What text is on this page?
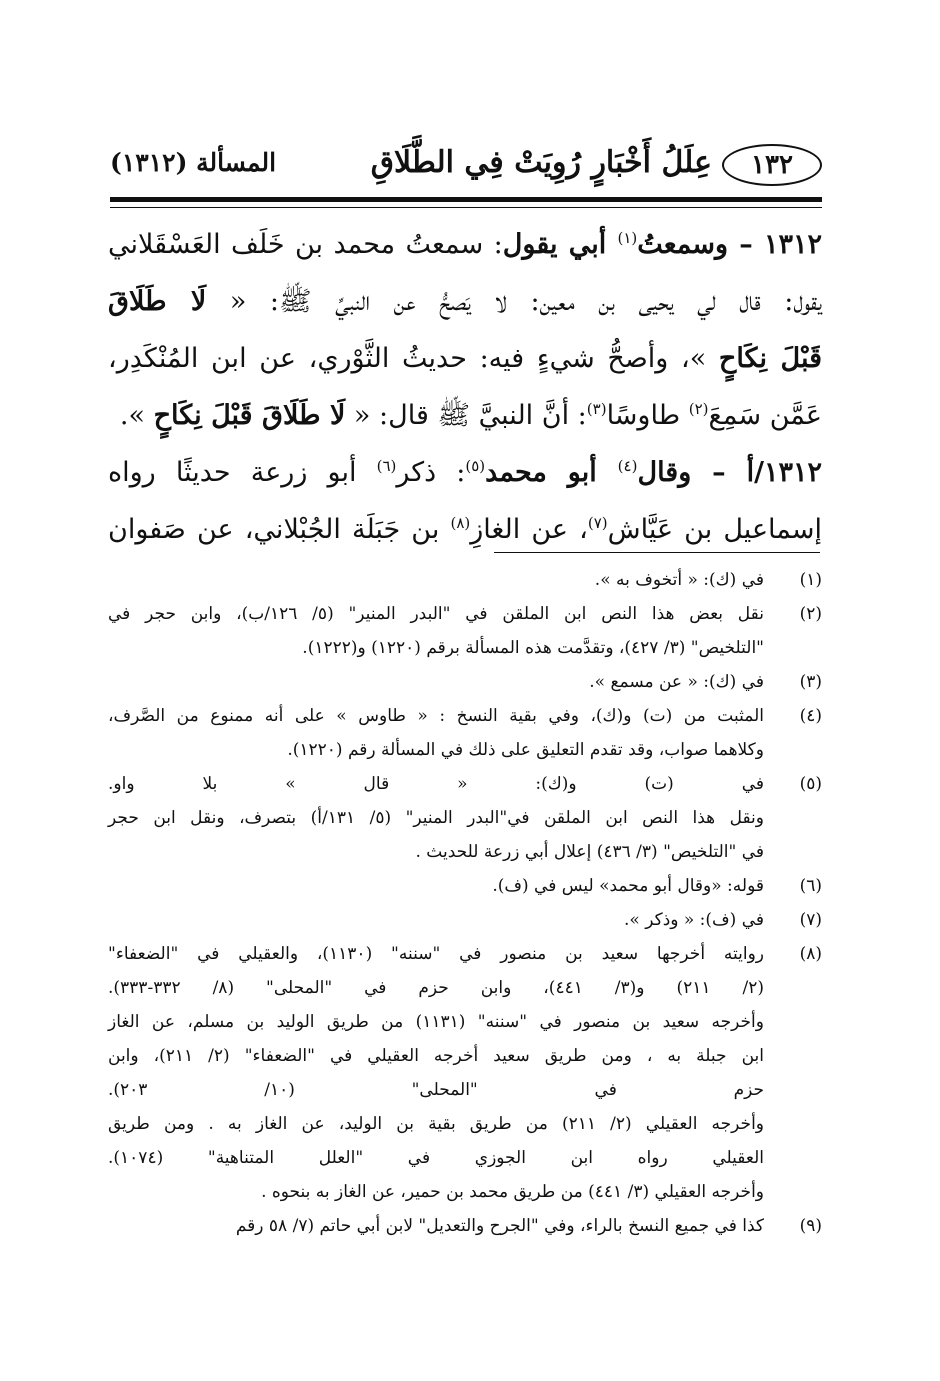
١٣٢
عِلَلُ أَخْبَارٍ رُوِيَتْ فِي الطَّلَاقِ
المسألة (١٣١٢)
١٣١٢ – وسمعتُ$^{(١)}$ أبي يقول: سمعتُ محمد بن خَلَف العَسْقَلاني
يقول: قال لي يحيى بن معين: لا يَصحُّ عن النبيِّ ﷺ: « لَا طَلَاقَ
قَبْلَ نِكَاحٍ »، وأصحُّ شيءٍ فيه: حديثُ الثَّوْري، عن ابن المُنْكَدِر،
عَمَّن سَمِعَ$^{(٢)}$ طاوسًا$^{(٣)}$: أنَّ النبيَّ ﷺ قال: « لَا طَلَاقَ قَبْلَ نِكَاحٍ ».
١٣١٢/أ – وقال$^{(٤)}$ أبو محمد$^{(٥)}$: ذكر$^{(٦)}$ أبو زرعة حديثًا رواه
إسماعيل بن عَيَّاش$^{(٧)}$، عن الغازِ$^{(٨)}$ بن جَبَلَة الجُبْلاني، عن صَفوان
(١)
في (ك): « أتخوف به ».
(٢)
نقل بعض هذا النص ابن الملقن في "البدر المنير" (٥/ ١٢٦/ب)، وابن حجر في
"التلخيص" (٣/ ٤٢٧)، وتقدَّمت هذه المسألة برقم (١٢٢٠) و(١٢٢٢).
(٣)
في (ك): « عن مسمع ».
(٤)
المثبت من (ت) و(ك)، وفي بقية النسخ : « طاوس » على أنه ممنوع من الصَّرف،
وكلاهما صواب، وقد تقدم التعليق على ذلك في المسألة رقم (١٢٢٠).
(٥)
في (ت) و(ك): « قال » بلا واو.
ونقل هذا النص ابن الملقن في"البدر المنير" (٥/ ١٣١/أ) بتصرف، ونقل ابن حجر
في "التلخيص" (٣/ ٤٣٦) إعلال أبي زرعة للحديث .
(٦)
قوله: «وقال أبو محمد» ليس في (ف).
(٧)
في (ف): « وذكر ».
(٨)
روايته أخرجها سعيد بن منصور في "سننه" (١١٣٠)، والعقيلي في "الضعفاء"
(٢/ ٢١١) و(٣/ ٤٤١)، وابن حزم في "المحلى" (٨/ ٣٣٢-٣٣٣).
وأخرجه سعيد بن منصور في "سننه" (١١٣١) من طريق الوليد بن مسلم، عن الغاز
ابن جبلة به ، ومن طريق سعيد أخرجه العقيلي في "الضعفاء" (٢/ ٢١١)، وابن
حزم في "المحلى" (١٠/ ٢٠٣).
وأخرجه العقيلي (٢/ ٢١١) من طريق بقية بن الوليد، عن الغاز به . ومن طريق
العقيلي رواه ابن الجوزي في "العلل المتناهية" (١٠٧٤).
وأخرجه العقيلي (٣/ ٤٤١) من طريق محمد بن حمير، عن الغاز به بنحوه .
(٩)
كذا في جميع النسخ بالراء، وفي "الجرح والتعديل" لابن أبي حاتم (٧/ ٥٨ رقم
